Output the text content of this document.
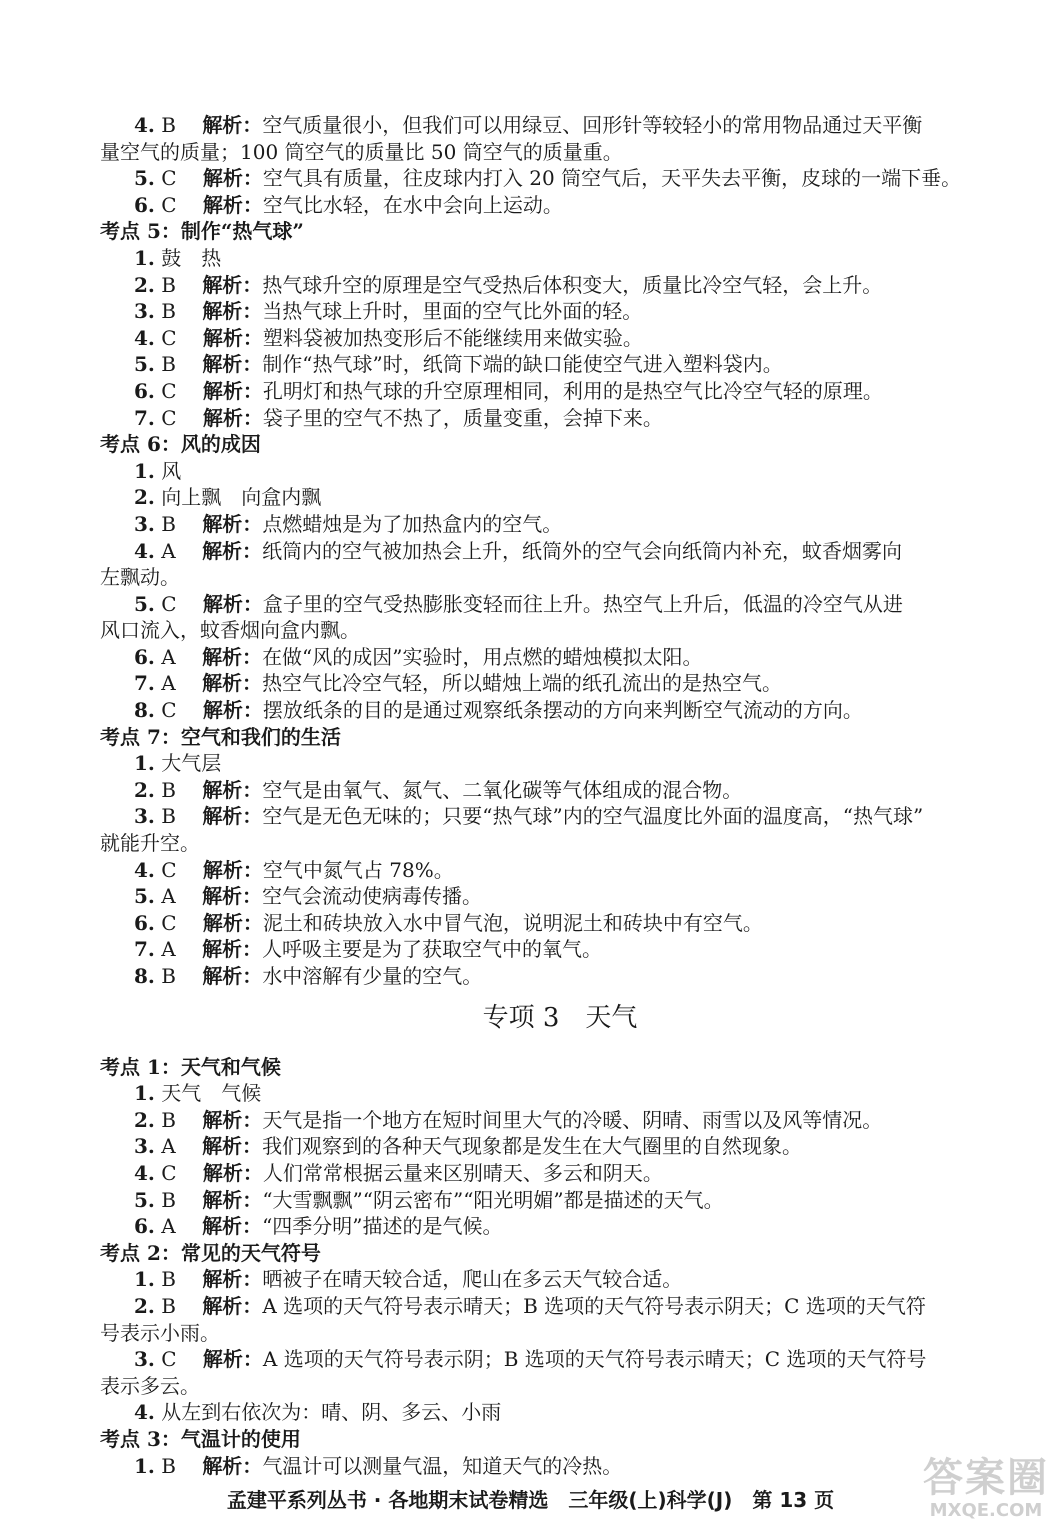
4. B　 解析：空气质量很小，但我们可以用绿豆、回形针等较轻小的常用物品通过天平衡
量空气的质量；100 筒空气的质量比 50 筒空气的质量重。
5. C　 解析：空气具有质量，往皮球内打入 20 筒空气后，天平失去平衡，皮球的一端下垂。
6. C　 解析：空气比水轻，在水中会向上运动。
考点 5：制作“热气球”
1. 鼓　热
2. B　 解析：热气球升空的原理是空气受热后体积变大，质量比冷空气轻，会上升。
3. B　 解析：当热气球上升时，里面的空气比外面的轻。
4. C　 解析：塑料袋被加热变形后不能继续用来做实验。
5. B　 解析：制作“热气球”时，纸筒下端的缺口能使空气进入塑料袋内。
6. C　 解析：孔明灯和热气球的升空原理相同，利用的是热空气比冷空气轻的原理。
7. C　 解析：袋子里的空气不热了，质量变重，会掉下来。
考点 6：风的成因
1. 风
2. 向上飘　向盒内飘
3. B　 解析：点燃蜡烛是为了加热盒内的空气。
4. A　 解析：纸筒内的空气被加热会上升，纸筒外的空气会向纸筒内补充，蚊香烟雾向
左飘动。
5. C　 解析：盒子里的空气受热膨胀变轻而往上升。热空气上升后，低温的冷空气从进
风口流入，蚊香烟向盒内飘。
6. A　 解析：在做“风的成因”实验时，用点燃的蜡烛模拟太阳。
7. A　 解析：热空气比冷空气轻，所以蜡烛上端的纸孔流出的是热空气。
8. C　 解析：摆放纸条的目的是通过观察纸条摆动的方向来判断空气流动的方向。
考点 7：空气和我们的生活
1. 大气层
2. B　 解析：空气是由氧气、氮气、二氧化碳等气体组成的混合物。
3. B　 解析：空气是无色无味的；只要“热气球”内的空气温度比外面的温度高，“热气球”
就能升空。
4. C　 解析：空气中氮气占 78%。
5. A　 解析：空气会流动使病毒传播。
6. C　 解析：泥土和砖块放入水中冒气泡，说明泥土和砖块中有空气。
7. A　 解析：人呼吸主要是为了获取空气中的氧气。
8. B　 解析：水中溶解有少量的空气。
专项 3　天气
考点 1：天气和气候
1. 天气　气候
2. B　 解析：天气是指一个地方在短时间里大气的冷暖、阴晴、雨雪以及风等情况。
3. A　 解析：我们观察到的各种天气现象都是发生在大气圈里的自然现象。
4. C　 解析：人们常常根据云量来区别晴天、多云和阴天。
5. B　 解析：“大雪飘飘”“阴云密布”“阳光明媚”都是描述的天气。
6. A　 解析：“四季分明”描述的是气候。
考点 2：常见的天气符号
1. B　 解析：晒被子在晴天较合适，爬山在多云天气较合适。
2. B　 解析：A 选项的天气符号表示晴天；B 选项的天气符号表示阴天；C 选项的天气符
号表示小雨。
3. C　 解析：A 选项的天气符号表示阴；B 选项的天气符号表示晴天；C 选项的天气符号
表示多云。
4. 从左到右依次为：晴、阴、多云、小雨
考点 3：气温计的使用
1. B　 解析：气温计可以测量气温，知道天气的冷热。
孟建平系列丛书 · 各地期末试卷精选　三年级(上)科学(J)　第 13 页	答案圈
MXQE.COM
